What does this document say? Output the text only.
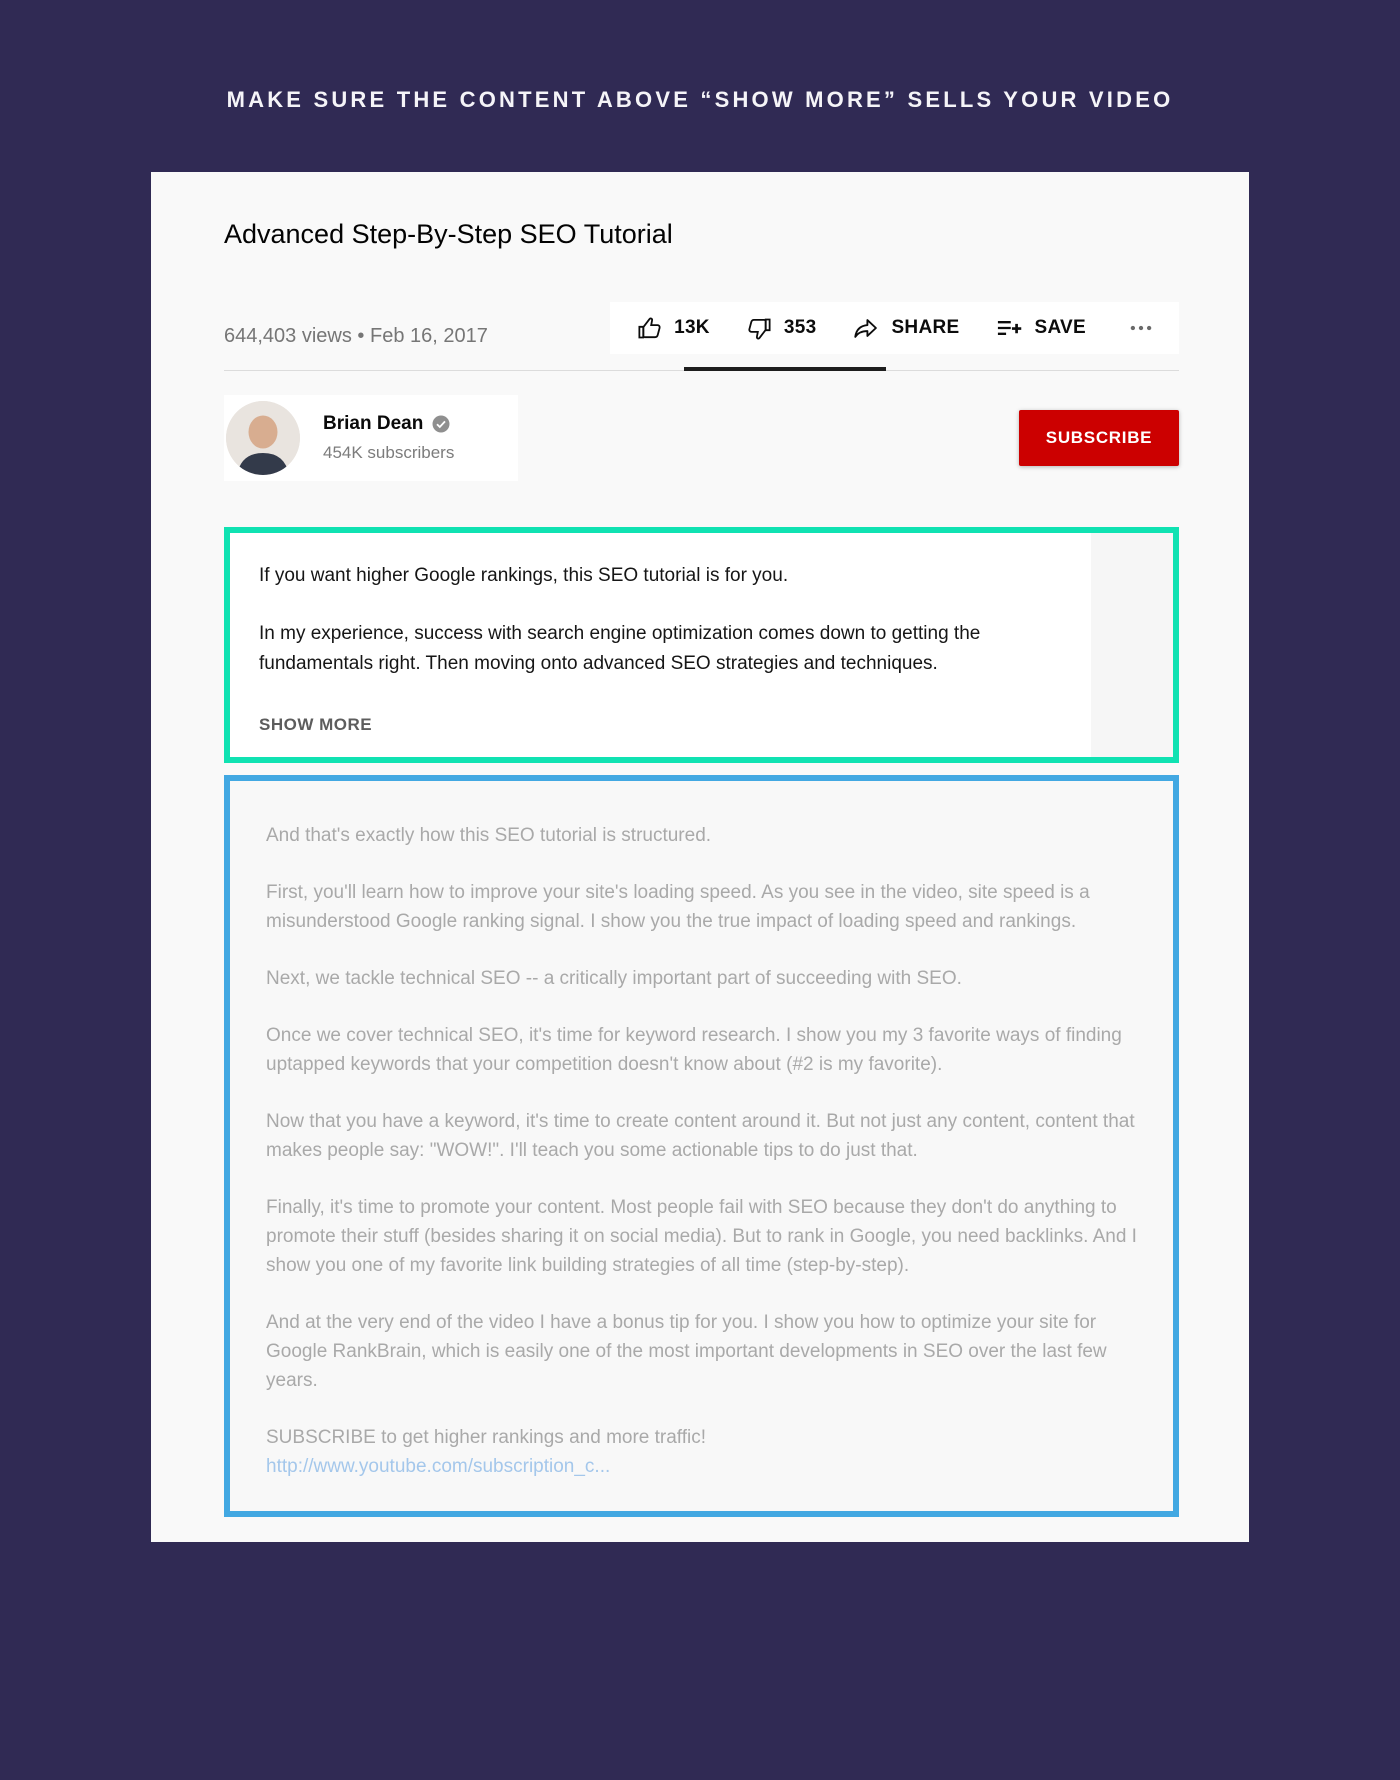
MAKE SURE THE CONTENT ABOVE “SHOW MORE” SELLS YOUR VIDEO
Advanced Step-By-Step SEO Tutorial
644,403 views • Feb 16, 2017	13K	353	SHARE	SAVE
Brian Dean
454K subscribers
SUBSCRIBE

If you want higher Google rankings, this SEO tutorial is for you.

In my experience, success with search engine optimization comes down to getting the fundamentals right. Then moving onto advanced SEO strategies and techniques.

SHOW MORE

And that's exactly how this SEO tutorial is structured.

First, you'll learn how to improve your site's loading speed. As you see in the video, site speed is a misunderstood Google ranking signal. I show you the true impact of loading speed and rankings.

Next, we tackle technical SEO -- a critically important part of succeeding with SEO.

Once we cover technical SEO, it's time for keyword research. I show you my 3 favorite ways of finding uptapped keywords that your competition doesn't know about (#2 is my favorite).

Now that you have a keyword, it's time to create content around it. But not just any content, content that makes people say: "WOW!". I'll teach you some actionable tips to do just that.

Finally, it's time to promote your content. Most people fail with SEO because they don't do anything to promote their stuff (besides sharing it on social media). But to rank in Google, you need backlinks. And I show you one of my favorite link building strategies of all time (step-by-step).

And at the very end of the video I have a bonus tip for you. I show you how to optimize your site for Google RankBrain, which is easily one of the most important developments in SEO over the last few years.

SUBSCRIBE to get higher rankings and more traffic!

http://www.youtube.com/subscription_c...
